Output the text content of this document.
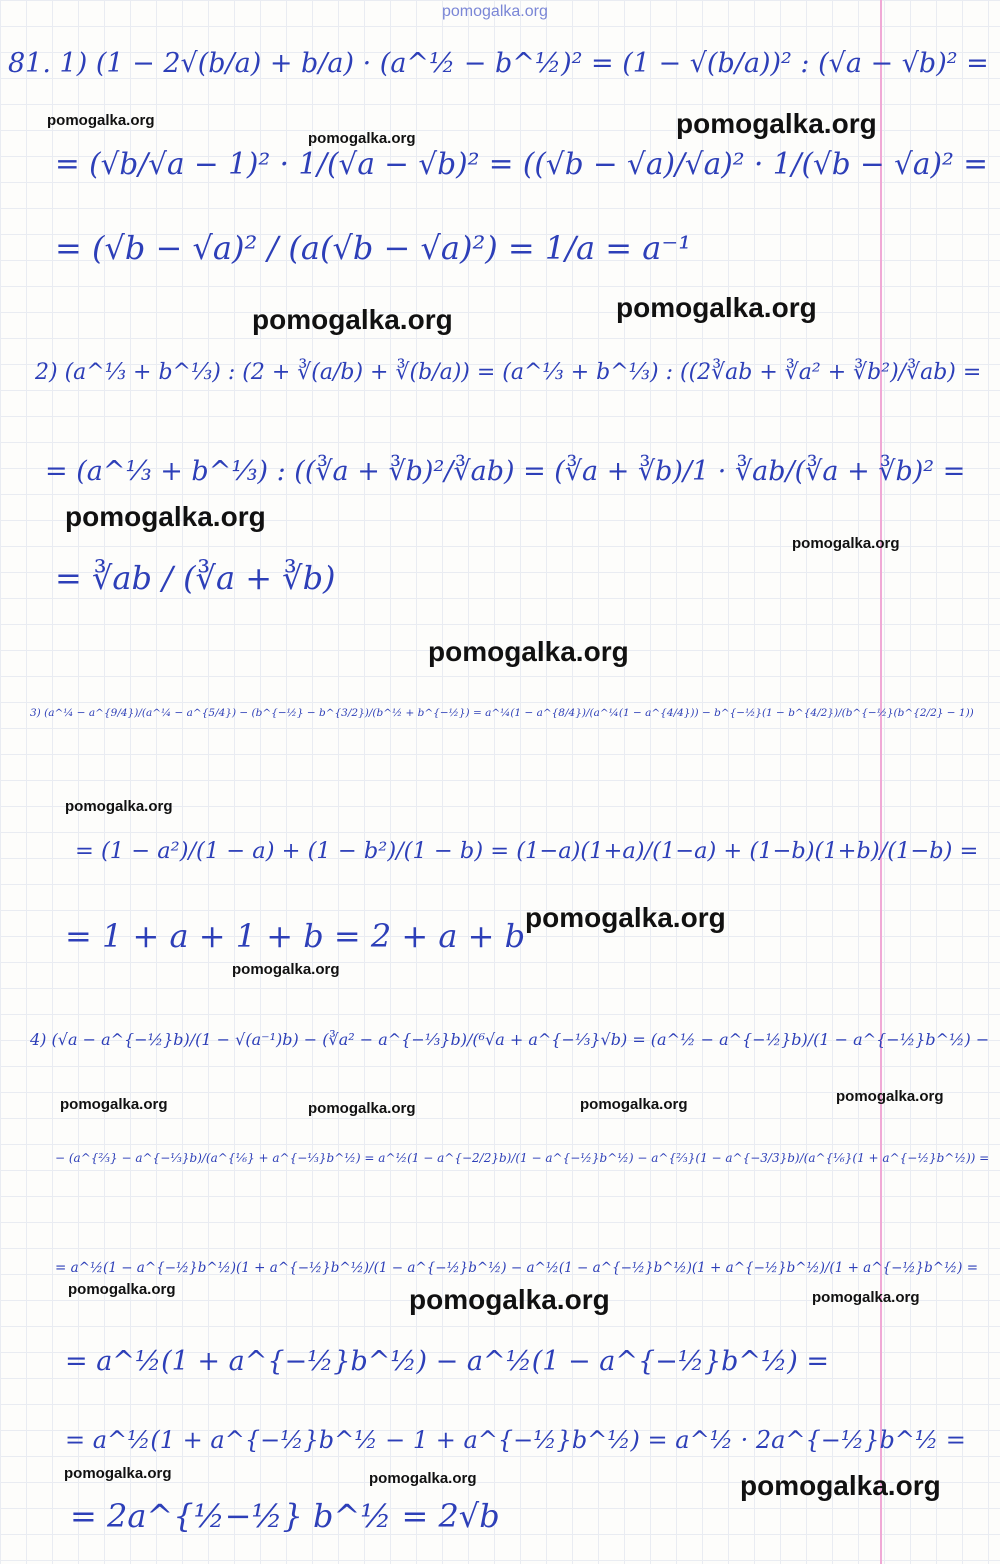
pomogalka.org
81. 1) (1 − 2√(b/a) + b/a) · (a^½ − b^½)² = (1 − √(b/a))² : (√a − √b)² =
= (√b/√a − 1)² · 1/(√a − √b)² = ((√b − √a)/√a)² · 1/(√b − √a)² =
= (√b − √a)² / (a(√b − √a)²) = 1/a = a⁻¹
2) (a^⅓ + b^⅓) : (2 + ∛(a/b) + ∛(b/a)) = (a^⅓ + b^⅓) : ((2∛ab + ∛a² + ∛b²)/∛ab) =
= (a^⅓ + b^⅓) : ((∛a + ∛b)²/∛ab) = (∛a + ∛b)/1 · ∛ab/(∛a + ∛b)² =
= ∛ab / (∛a + ∛b)
3) (a^¼ − a^{9/4})/(a^¼ − a^{5/4}) − (b^{−½} − b^{3/2})/(b^½ + b^{−½}) = a^¼(1 − a^{8/4})/(a^¼(1 − a^{4/4})) − b^{−½}(1 − b^{4/2})/(b^{−½}(b^{2/2} − 1))
= (1 − a²)/(1 − a) + (1 − b²)/(1 − b) = (1−a)(1+a)/(1−a) + (1−b)(1+b)/(1−b) =
= 1 + a + 1 + b = 2 + a + b
4) (√a − a^{−½}b)/(1 − √(a⁻¹)b) − (∛a² − a^{−⅓}b)/(⁶√a + a^{−⅓}√b) = (a^½ − a^{−½}b)/(1 − a^{−½}b^½) −
− (a^{⅔} − a^{−⅓}b)/(a^{⅙} + a^{−⅓}b^½) = a^½(1 − a^{−2/2}b)/(1 − a^{−½}b^½) − a^{⅔}(1 − a^{−3/3}b)/(a^{⅙}(1 + a^{−½}b^½)) =
= a^½(1 − a^{−½}b^½)(1 + a^{−½}b^½)/(1 − a^{−½}b^½) − a^½(1 − a^{−½}b^½)(1 + a^{−½}b^½)/(1 + a^{−½}b^½) =
= a^½(1 + a^{−½}b^½) − a^½(1 − a^{−½}b^½) =
= a^½(1 + a^{−½}b^½ − 1 + a^{−½}b^½) = a^½ · 2a^{−½}b^½ =
= 2a^{½−½} b^½ = 2√b
pomogalka.org
pomogalka.org	pomogalka.org
pomogalka.org	pomogalka.org
pomogalka.org
pomogalka.org
pomogalka.org
pomogalka.org
pomogalka.org
pomogalka.org
pomogalka.org
pomogalka.org	pomogalka.org	pomogalka.org
pomogalka.org	pomogalka.org	pomogalka.org
pomogalka.org	pomogalka.org	pomogalka.org
